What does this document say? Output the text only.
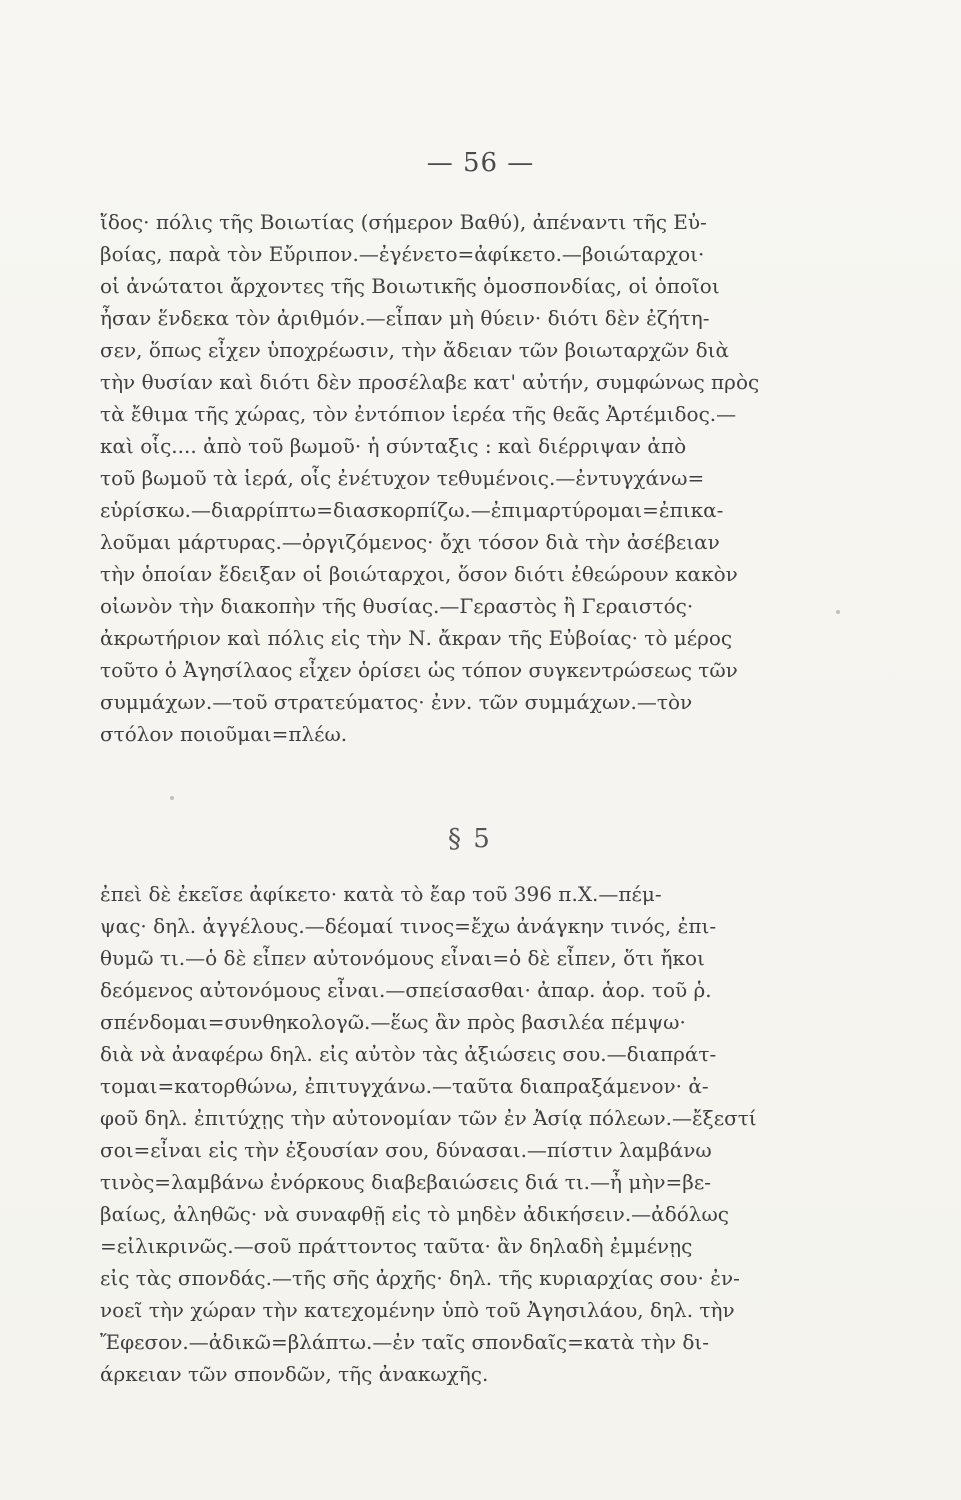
— 56 —
ἴδος· πόλις τῆς Βοιωτίας (σήμερον Βαθύ), ἀπέναντι τῆς Εὐ-
βοίας, παρὰ τὸν Εὔριπον.—ἐγένετο=ἀφίκετο.—βοιώταρχοι·
οἱ ἀνώτατοι ἄρχοντες τῆς Βοιωτικῆς ὁμοσπονδίας, οἱ ὁποῖοι
ἦσαν ἕνδεκα τὸν ἀριθμόν.—εἶπαν μὴ θύειν· διότι δὲν ἐζήτη-
σεν, ὅπως εἶχεν ὑποχρέωσιν, τὴν ἄδειαν τῶν βοιωταρχῶν διὰ
τὴν θυσίαν καὶ διότι δὲν προσέλαβε κατ' αὐτήν, συμφώνως πρὸς
τὰ ἔθιμα τῆς χώρας, τὸν ἐντόπιον ἱερέα τῆς θεᾶς Ἀρτέμιδος.—
καὶ οἷς.... ἀπὸ τοῦ βωμοῦ· ἡ σύνταξις : καὶ διέρριψαν ἀπὸ
τοῦ βωμοῦ τὰ ἱερά, οἷς ἐνέτυχον τεθυμένοις.—ἐντυγχάνω=
εὑρίσκω.—διαρρίπτω=διασκορπίζω.—ἐπιμαρτύρομαι=ἐπικα-
λοῦμαι μάρτυρας.—ὀργιζόμενος· ὄχι τόσον διὰ τὴν ἀσέβειαν
τὴν ὁποίαν ἔδειξαν οἱ βοιώταρχοι, ὅσον διότι ἐθεώρουν κακὸν
οἰωνὸν τὴν διακοπὴν τῆς θυσίας.—Γεραστὸς ἢ Γεραιστός·
ἀκρωτήριον καὶ πόλις εἰς τὴν Ν. ἄκραν τῆς Εὐβοίας· τὸ μέρος
τοῦτο ὁ Ἀγησίλαος εἶχεν ὁρίσει ὡς τόπον συγκεντρώσεως τῶν
συμμάχων.—τοῦ στρατεύματος· ἐνν. τῶν συμμάχων.—τὸν
στόλον ποιοῦμαι=πλέω.
§ 5
ἐπεὶ δὲ ἐκεῖσε ἀφίκετο· κατὰ τὸ ἔαρ τοῦ 396 π.Χ.—πέμ-
ψας· δηλ. ἀγγέλους.—δέομαί τινος=ἔχω ἀνάγκην τινός, ἐπι-
θυμῶ τι.—ὁ δὲ εἶπεν αὐτονόμους εἶναι=ὁ δὲ εἶπεν, ὅτι ἤκοι
δεόμενος αὐτονόμους εἶναι.—σπείσασθαι· ἀπαρ. ἀορ. τοῦ ῥ.
σπένδομαι=συνθηκολογῶ.—ἕως ἂν πρὸς βασιλέα πέμψω·
διὰ νὰ ἀναφέρω δηλ. εἰς αὐτὸν τὰς ἀξιώσεις σου.—διαπράτ-
τομαι=κατορθώνω, ἐπιτυγχάνω.—ταῦτα διαπραξάμενον· ἀ-
φοῦ δηλ. ἐπιτύχῃς τὴν αὐτονομίαν τῶν ἐν Ἀσίᾳ πόλεων.—ἔξεστί
σοι=εἶναι εἰς τὴν ἐξουσίαν σου, δύνασαι.—πίστιν λαμβάνω
τινὸς=λαμβάνω ἐνόρκους διαβεβαιώσεις διά τι.—ἦ μὴν=βε-
βαίως, ἀληθῶς· νὰ συναφθῇ εἰς τὸ μηδὲν ἀδικήσειν.—ἀδόλως
=εἰλικρινῶς.—σοῦ πράττοντος ταῦτα· ἂν δηλαδὴ ἐμμένῃς
εἰς τὰς σπονδάς.—τῆς σῆς ἀρχῆς· δηλ. τῆς κυριαρχίας σου· ἐν-
νοεῖ τὴν χώραν τὴν κατεχομένην ὑπὸ τοῦ Ἀγησιλάου, δηλ. τὴν
Ἔφεσον.—ἀδικῶ=βλάπτω.—ἐν ταῖς σπονδαῖς=κατὰ τὴν δι-
άρκειαν τῶν σπονδῶν, τῆς ἀνακωχῆς.
